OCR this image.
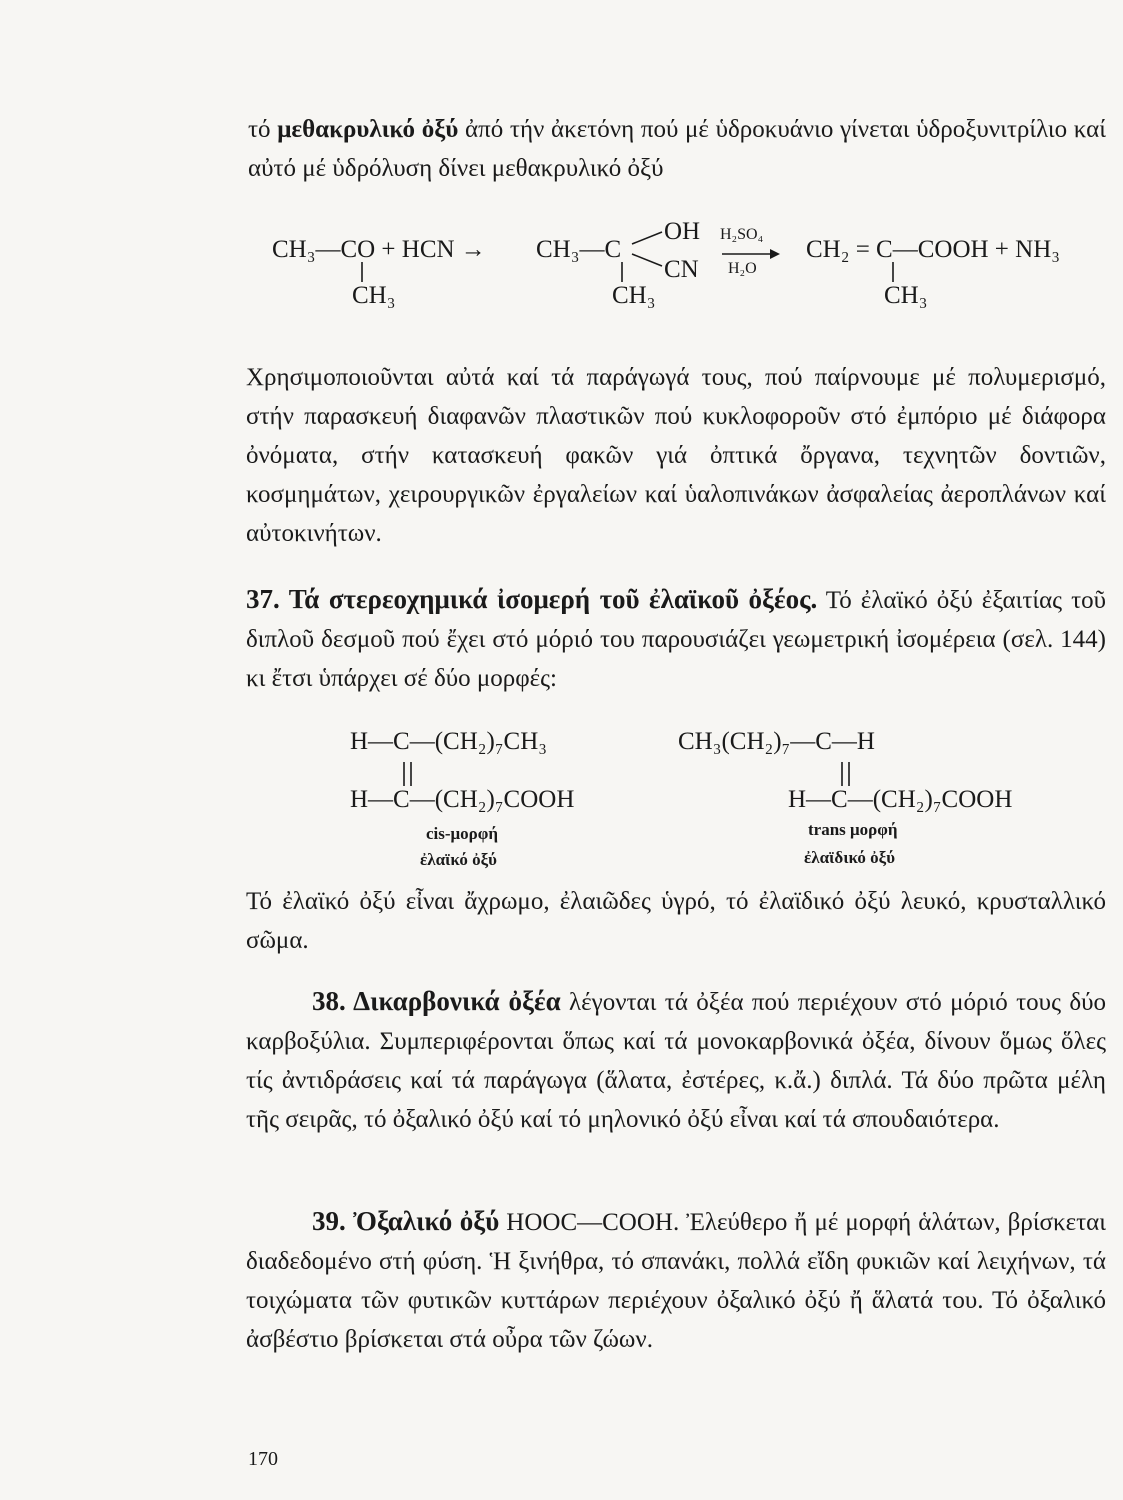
τό μεθακρυλικό ὀξύ ἀπό τήν ἀκετόνη πού μέ ὑδροκυάνιο γίνεται ὑδροξυνιτρίλιο καί αὐτό μέ ὑδρόλυση δίνει μεθακρυλικό ὀξύ
CH₃—CO + HCN → CH₃—C
OH
CN
H₂SO₄
H₂O
CH₂ = C—COOH + NH₃
CH₃	CH₃	CH₃
Χρησιμοποιοῦνται αὐτά καί τά παράγωγά τους, πού παίρνουμε μέ πολυμερισμό, στήν παρασκευή διαφανῶν πλαστικῶν πού κυκλοφοροῦν στό ἐμπόριο μέ διάφορα ὀνόματα, στήν κατασκευή φακῶν γιά ὀπτικά ὄργανα, τεχνητῶν δοντιῶν, κοσμημάτων, χειρουργικῶν ἐργαλείων καί ὑαλοπινάκων ἀσφαλείας ἀεροπλάνων καί αὐτοκινήτων.
37. Τά στερεοχημικά ἰσομερή τοῦ ἐλαϊκοῦ ὀξέος. Τό ἐλαϊκό ὀξύ ἐξαιτίας τοῦ διπλοῦ δεσμοῦ πού ἔχει στό μόριό του παρουσιάζει γεωμετρική ἰσομέρεια (σελ. 144) κι ἔτσι ὑπάρχει σέ δύο μορφές:
H—C—(CH₂)₇CH₃
H—C—(CH₂)₇COOH
cis-μορφή
ἐλαϊκό ὀξύ
CH₃(CH₂)₇—C—H
H—C—(CH₂)₇COOH
trans μορφή
ἐλαϊδικό ὀξύ
Τό ἐλαϊκό ὀξύ εἶναι ἄχρωμο, ἐλαιῶδες ὑγρό, τό ἐλαϊδικό ὀξύ λευκό, κρυσταλλικό σῶμα.
38. Δικαρβονικά ὀξέα λέγονται τά ὀξέα πού περιέχουν στό μόριό τους δύο καρβοξύλια. Συμπεριφέρονται ὅπως καί τά μονοκαρβονικά ὀξέα, δίνουν ὅμως ὅλες τίς ἀντιδράσεις καί τά παράγωγα (ἅλατα, ἐστέρες, κ.ἄ.) διπλά. Τά δύο πρῶτα μέλη τῆς σειρᾶς, τό ὀξαλικό ὀξύ καί τό μηλονικό ὀξύ εἶναι καί τά σπουδαιότερα.
39. Ὀξαλικό ὀξύ HOOC—COOH. Ἐλεύθερο ἤ μέ μορφή ἁλάτων, βρίσκεται διαδεδομένο στή φύση. Ἡ ξινήθρα, τό σπανάκι, πολλά εἴδη φυκιῶν καί λειχήνων, τά τοιχώματα τῶν φυτικῶν κυττάρων περιέχουν ὀξαλικό ὀξύ ἤ ἅλατά του. Τό ὀξαλικό ἀσβέστιο βρίσκεται στά οὖρα τῶν ζώων.
170
